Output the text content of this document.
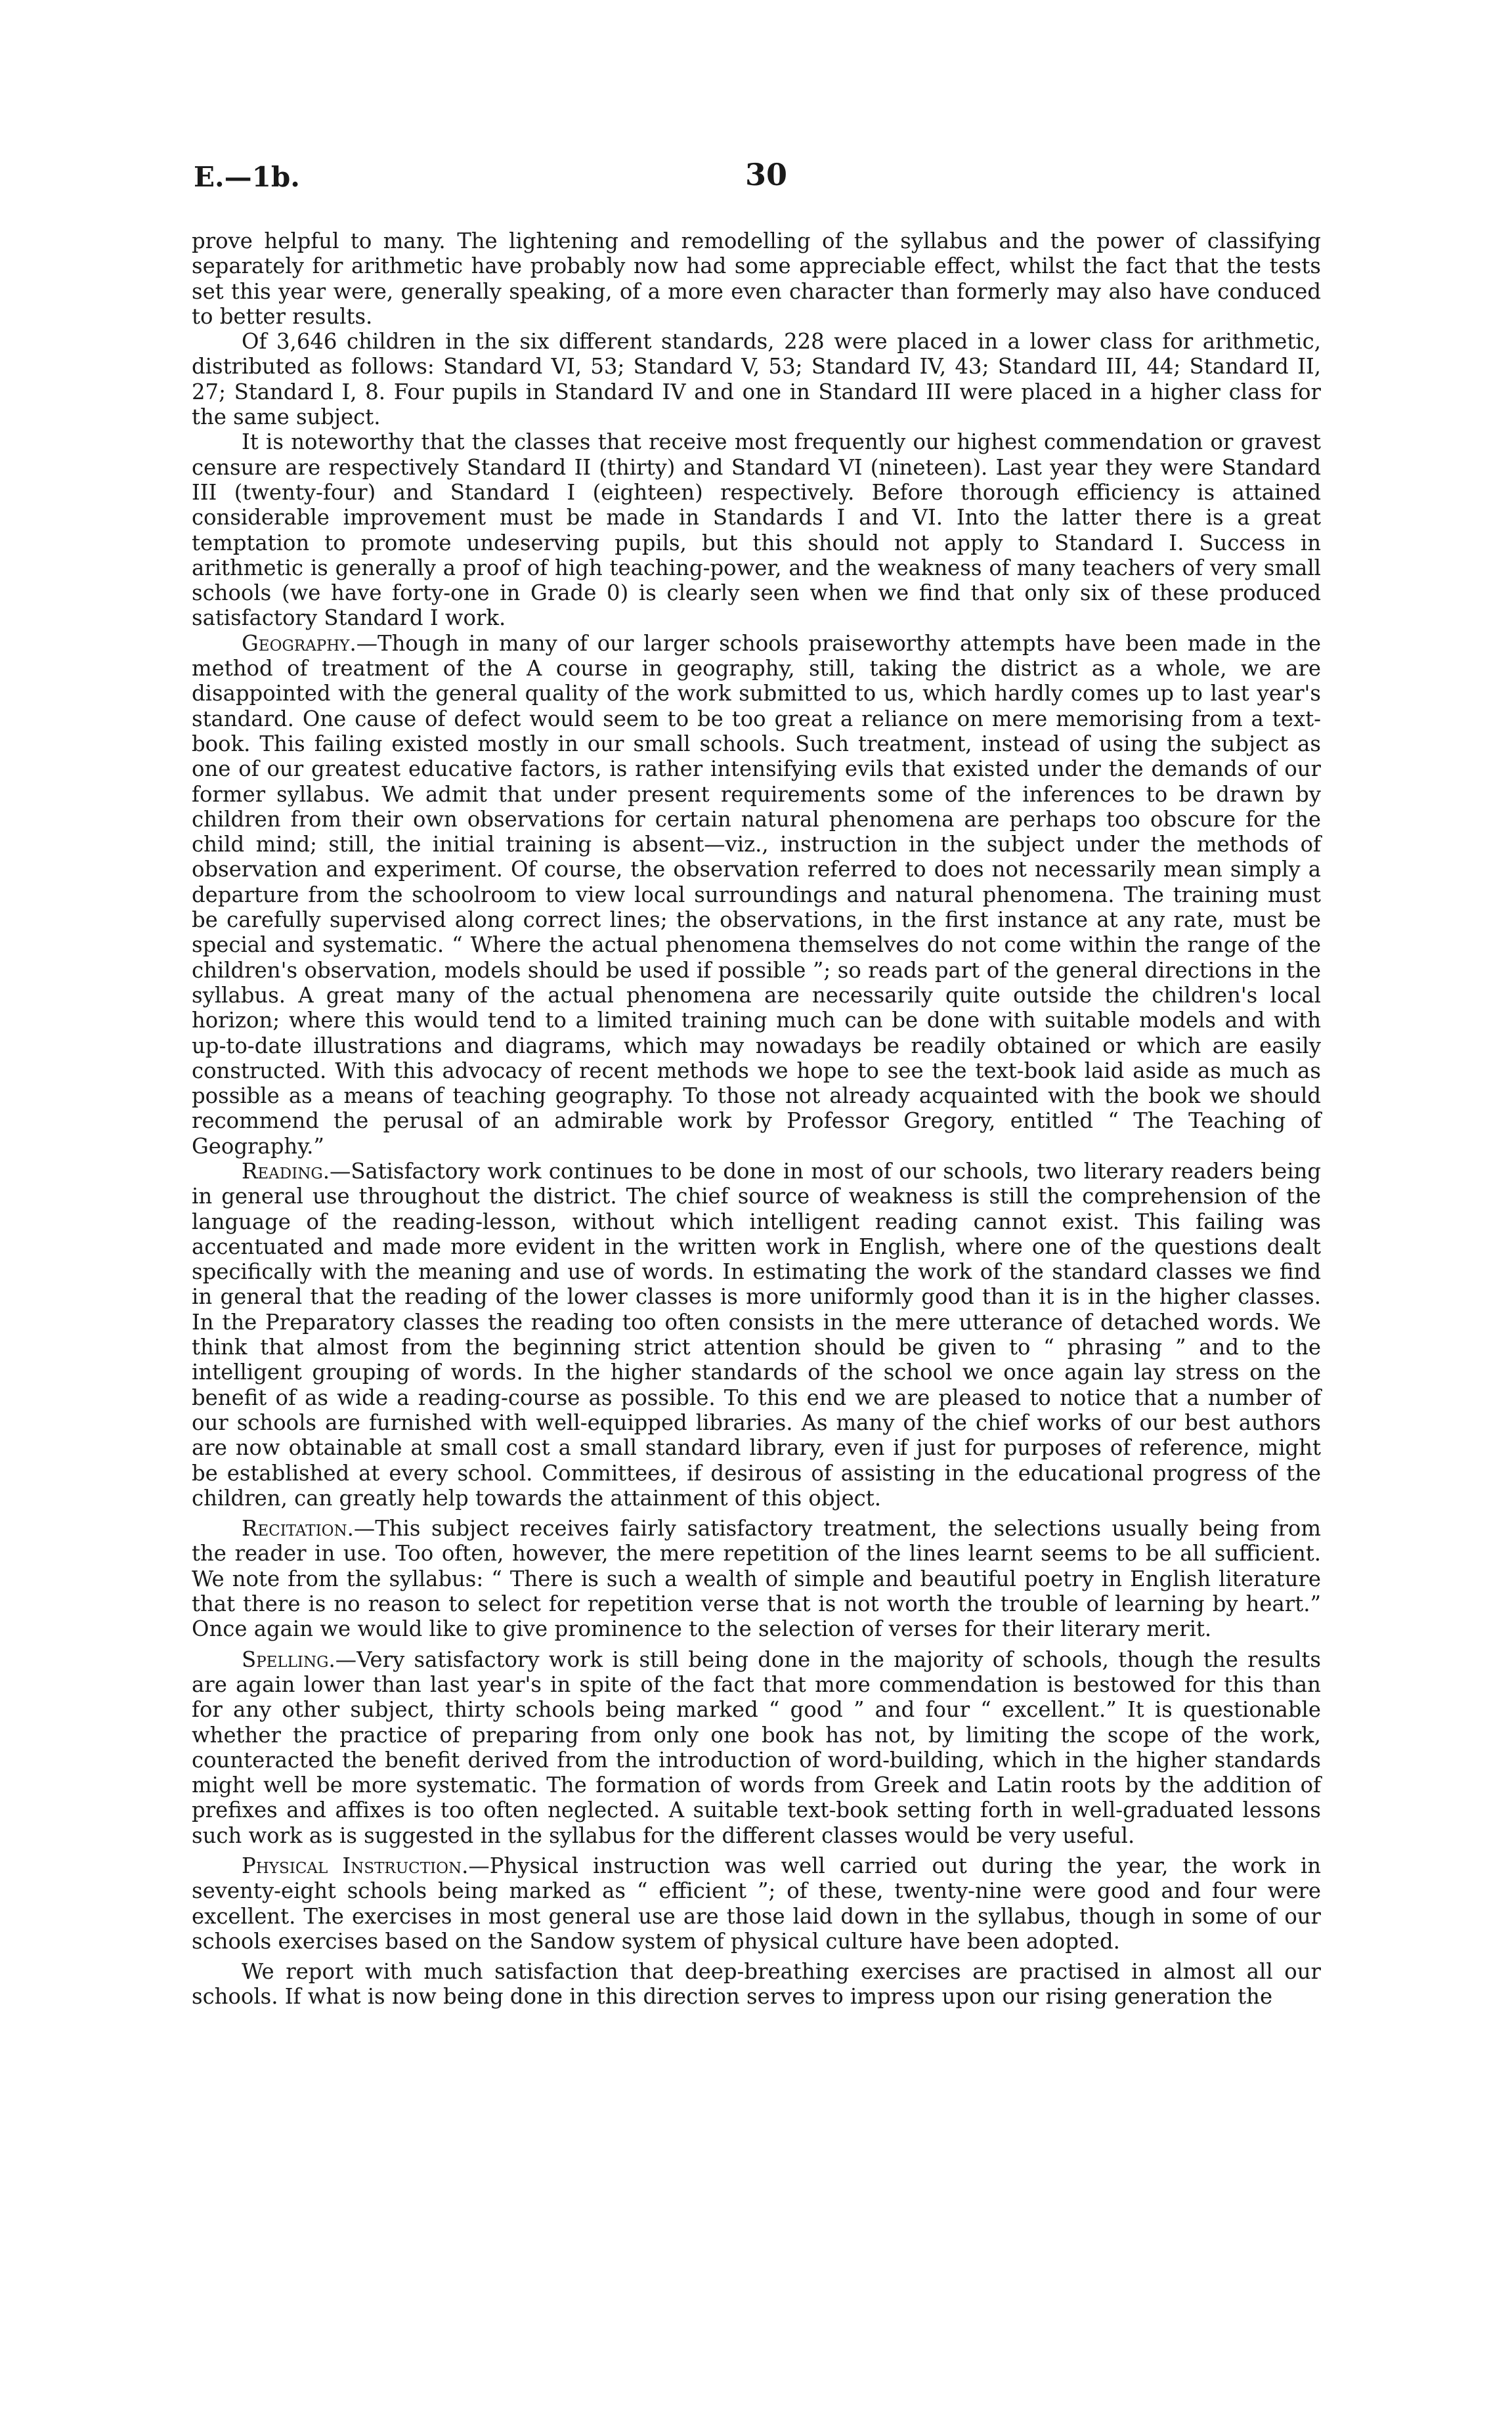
E.—1b.	30

prove helpful to many. The lightening and remodelling of the syllabus and the power of classifying separately for arithmetic have probably now had some appreciable effect, whilst the fact that the tests set this year were, generally speaking, of a more even character than formerly may also have conduced to better results.

Of 3,646 children in the six different standards, 228 were placed in a lower class for arithmetic, distributed as follows: Standard VI, 53; Standard V, 53; Standard IV, 43; Standard III, 44; Standard II, 27; Standard I, 8. Four pupils in Standard IV and one in Standard III were placed in a higher class for the same subject.

It is noteworthy that the classes that receive most frequently our highest commendation or gravest censure are respectively Standard II (thirty) and Standard VI (nineteen). Last year they were Standard III (twenty-four) and Standard I (eighteen) respectively. Before thorough efficiency is attained considerable improvement must be made in Standards I and VI. Into the latter there is a great temptation to promote undeserving pupils, but this should not apply to Standard I. Success in arithmetic is generally a proof of high teaching-power, and the weakness of many teachers of very small schools (we have forty-one in Grade 0) is clearly seen when we find that only six of these produced satisfactory Standard I work.

Geography.—Though in many of our larger schools praiseworthy attempts have been made in the method of treatment of the A course in geography, still, taking the district as a whole, we are disappointed with the general quality of the work submitted to us, which hardly comes up to last year's standard. One cause of defect would seem to be too great a reliance on mere memorising from a text-book. This failing existed mostly in our small schools. Such treatment, instead of using the subject as one of our greatest educative factors, is rather intensifying evils that existed under the demands of our former syllabus. We admit that under present requirements some of the inferences to be drawn by children from their own observations for certain natural phenomena are perhaps too obscure for the child mind; still, the initial training is absent—viz., instruction in the subject under the methods of observation and experiment. Of course, the observation referred to does not necessarily mean simply a departure from the schoolroom to view local surroundings and natural phenomena. The training must be carefully supervised along correct lines; the observations, in the first instance at any rate, must be special and systematic. “ Where the actual phenomena themselves do not come within the range of the children's observation, models should be used if possible ”; so reads part of the general directions in the syllabus. A great many of the actual phenomena are necessarily quite outside the children's local horizon; where this would tend to a limited training much can be done with suitable models and with up-to-date illustrations and diagrams, which may nowadays be readily obtained or which are easily constructed. With this advocacy of recent methods we hope to see the text-book laid aside as much as possible as a means of teaching geography. To those not already acquainted with the book we should recommend the perusal of an admirable work by Professor Gregory, entitled “ The Teaching of Geography.”

Reading.—Satisfactory work continues to be done in most of our schools, two literary readers being in general use throughout the district. The chief source of weakness is still the comprehension of the language of the reading-lesson, without which intelligent reading cannot exist. This failing was accentuated and made more evident in the written work in English, where one of the questions dealt specifically with the meaning and use of words. In estimating the work of the standard classes we find in general that the reading of the lower classes is more uniformly good than it is in the higher classes. In the Preparatory classes the reading too often consists in the mere utterance of detached words. We think that almost from the beginning strict attention should be given to “ phrasing ” and to the intelligent grouping of words. In the higher standards of the school we once again lay stress on the benefit of as wide a reading-course as possible. To this end we are pleased to notice that a number of our schools are furnished with well-equipped libraries. As many of the chief works of our best authors are now obtainable at small cost a small standard library, even if just for purposes of reference, might be established at every school. Committees, if desirous of assisting in the educational progress of the children, can greatly help towards the attainment of this object.

Recitation.—This subject receives fairly satisfactory treatment, the selections usually being from the reader in use. Too often, however, the mere repetition of the lines learnt seems to be all sufficient. We note from the syllabus: “ There is such a wealth of simple and beautiful poetry in English literature that there is no reason to select for repetition verse that is not worth the trouble of learning by heart.” Once again we would like to give prominence to the selection of verses for their literary merit.

Spelling.—Very satisfactory work is still being done in the majority of schools, though the results are again lower than last year's in spite of the fact that more commendation is bestowed for this than for any other subject, thirty schools being marked “ good ” and four “ excellent.” It is questionable whether the practice of preparing from only one book has not, by limiting the scope of the work, counteracted the benefit derived from the introduction of word-building, which in the higher standards might well be more systematic. The formation of words from Greek and Latin roots by the addition of prefixes and affixes is too often neglected. A suitable text-book setting forth in well-graduated lessons such work as is suggested in the syllabus for the different classes would be very useful.

Physical Instruction.—Physical instruction was well carried out during the year, the work in seventy-eight schools being marked as “ efficient ”; of these, twenty-nine were good and four were excellent. The exercises in most general use are those laid down in the syllabus, though in some of our schools exercises based on the Sandow system of physical culture have been adopted.

We report with much satisfaction that deep-breathing exercises are practised in almost all our schools. If what is now being done in this direction serves to impress upon our rising generation the
